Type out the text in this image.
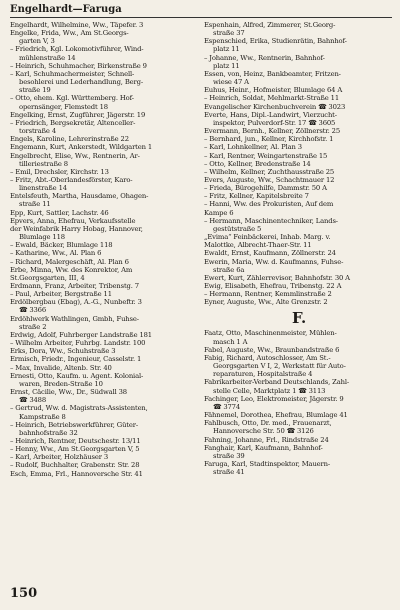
Engelhardt—Faruga
Engelhardt, Wilhelmine, Ww., Täpefer. 3
Engelke, Frida, Ww., Am St.Georgs-
garten V, 3
– Friedrich, Kgl. Lokomotivführer, Wind-
mühlenstraße 14
– Heinrich, Schuhmacher, Birkenstraße 9
– Karl, Schuhmachermeister, Schnell-
besohlerei und Lederhandlung, Berg-
straße 19
– Otto, ehem. Kgl. Württemberg. Hof-
opernsänger, Flemstedt 18
Engelking, Ernst, Zugführer, Jägerstr. 19
– Friedrich, Bergsekretär, Altenceller-
torstraße 4
Engels, Karoline, Lehrerinstraße 22
Engemann, Kurt, Ankerstedt, Wildgarten 1
Engelbrecht, Elise, Ww., Rentnerin, Ar-
tilleriestraße 8
– Emil, Drechsler, Kirchstr. 13
– Fritz, Abt.-Oberlandesförster, Karo-
linenstraße 14
Entelsfeuth, Martha, Hausdame, Ohagen-
straße 11
Epp, Kurt, Sattler, Lachstr. 46
Epvers, Anna, Ehefrau, Verkaufsstelle
der Weinfabrik Harry Hobag, Hannover,
Blumlage 118
– Ewald, Bäcker, Blumlage 118
– Katharine, Ww., Al. Plan 6
– Richard, Malergeschäft, Al. Plan 6
Erbe, Minna, Ww. des Konrektor, Am
St.Georgsgarten, III, 4
Erdmann, Franz, Arbeiter, Tribenstg. 7
– Paul, Arbeiter, Bergstraße 11
Erdölbergbau (Ebag), A.-G., Nunbeftr. 3
☎ 3366
Erdöhlwerk Wathlingen, Gmbh, Fuhse-
straße 2
Erdwig, Adolf, Fuhrberger Landstraße 181
– Wilhelm Arbeiter, Fuhrbg. Landstr. 100
Erks, Dora, Ww., Schuhstraße 3
Ermisch, Friedr., Ingenieur, Casselstr. 1
– Max, Invalide, Altenb. Str. 40
Ernesti, Otto, Kaufm. u. Agent. Kolonial-
waren, Breden-Straße 10
Ernst, Cäcilie, Ww., Dr., Südwall 38
☎ 3488
– Gertrud, Ww. d. Magistrats-Assistenten,
Kampstraße 8
– Heinrich, Betriebswerkführer, Güter-
bahnhofstraße 32
– Heinrich, Rentner, Deutschestr. 13/11
– Henny, Ww., Am St.Georgsgarten V, 5
– Karl, Arbeiter, Holzhäuser 3
– Rudolf, Buchhalter, Grabenstr. Str. 28
Esch, Emma, Frl., Hannoversche Str. 41
Espenhain, Alfred, Zimmerer, St.Georg-
straße 37
Espenschied, Erika, Studienrätin, Bahnhof-
platz 11
– Johanne, Ww., Rentnerin, Bahnhof-
platz 11
Essen, von, Heinz, Bankbeamter, Fritzen-
wiese 47 A
Euhus, Heinr., Hofmeister, Blumlage 64 A
– Heinrich, Soldat, Mehlmarkt-Straße 11
Evangelischer Kirchenbuchverein ☎ 3023
Everte, Hans, Dipl.-Landwirt, Vierzucht-
inspektor, Pulverdorf-Str. 17 ☎ 3605
Evermann, Bernh., Kellner, Zöllnerstr. 25
– Bernhard, jun., Kellner, Kirchhofstr. 1
– Karl, Lohnkellner, Al. Plan 3
– Karl, Rentner, Weingartenstraße 15
– Otto, Kellner, Bredenstraße 14
– Wilhelm, Kellner, Zuchthausstraße 25
Evers, Auguste, Ww., Schachtmauer 12
– Frieda, Bürogehilfe, Dammstr. 50 A
– Fritz, Kellner, Kapitelsbreite 7
– Hanni, Ww. des Prokuristen, Auf dem
Kampe 6
– Hermann, Maschinentechniker, Lands-
gestütstraße 5
„Evima“ Feinbäckerei, Inhab. Marg. v.
Malottke, Albrecht-Thaer-Str. 11
Ewaldt, Ernst, Kaufmann, Zöllnerstr. 24
Ewerin, Maria, Ww. d. Kaufmanns, Fuhse-
straße 6a
Ewert, Kurt, Zählerrevisor, Bahnhofstr. 30 A
Ewig, Elisabeth, Ehefrau, Tribenstg. 22 A
– Hermann, Rentner, Kemmlinstraße 2
Eyner, Auguste, Ww., Alte Grenzstr. 2
F.
Faatz, Otto, Maschinenmeister, Mühlen-
masch 1 A
Fabel, Auguste, Ww., Braunbandstraße 6
Fabig, Richard, Autoschlosser, Am St.-
Georgsgarten V I, 2, Werkstatt für Auto-
reparaturen, Hospitalstraße 4
Fabrikarbeiter-Verband Deutschlands, Zahl-
stelle Celle, Marktplatz 1 ☎ 3113
Fachinger, Leo, Elektromeister, Jägerstr. 9
☎ 3774
Fähnemel, Dorothea, Ehefrau, Blumlage 41
Fahlbusch, Otto, Dr. med., Frauenarzt,
Hannoversche Str. 50 ☎ 3126
Fahning, Johanne, Frl., Rindstraße 24
Fanghair, Karl, Kaufmann, Bahnhof-
straße 39
Faruga, Karl, Stadtinspektor, Mauern-
straße 41
150
